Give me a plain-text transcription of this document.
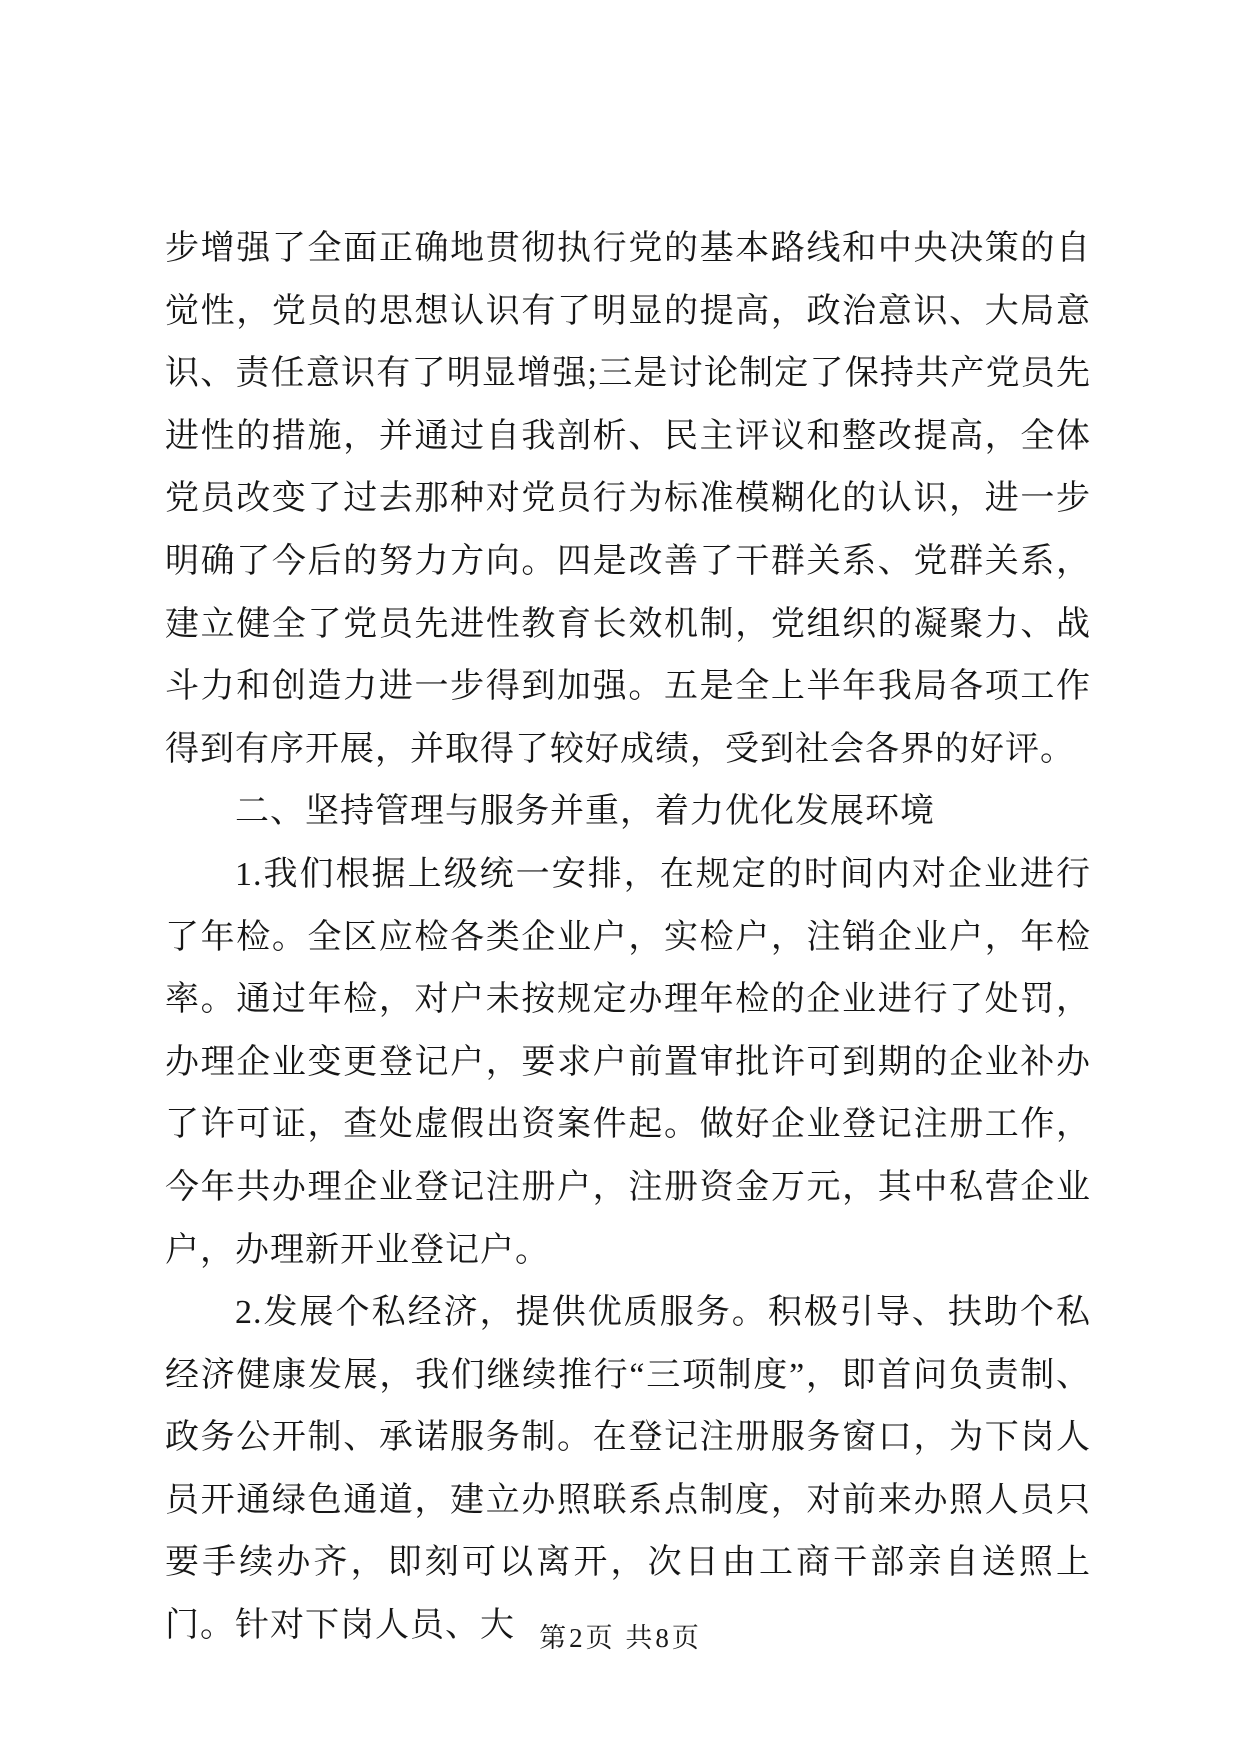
步增强了全面正确地贯彻执行党的基本路线和中央决策的自觉性，党员的思想认识有了明显的提高，政治意识、大局意识、责任意识有了明显增强;三是讨论制定了保持共产党员先进性的措施，并通过自我剖析、民主评议和整改提高，全体党员改变了过去那种对党员行为标准模糊化的认识，进一步明确了今后的努力方向。四是改善了干群关系、党群关系，建立健全了党员先进性教育长效机制，党组织的凝聚力、战斗力和创造力进一步得到加强。五是全上半年我局各项工作得到有序开展，并取得了较好成绩，受到社会各界的好评。

二、坚持管理与服务并重，着力优化发展环境

1.我们根据上级统一安排，在规定的时间内对企业进行了年检。全区应检各类企业户，实检户，注销企业户，年检率。通过年检，对户未按规定办理年检的企业进行了处罚，办理企业变更登记户，要求户前置审批许可到期的企业补办了许可证，查处虚假出资案件起。做好企业登记注册工作，今年共办理企业登记注册户，注册资金万元，其中私营企业户，办理新开业登记户。

2.发展个私经济，提供优质服务。积极引导、扶助个私经济健康发展，我们继续推行“三项制度”，即首问负责制、政务公开制、承诺服务制。在登记注册服务窗口，为下岗人员开通绿色通道，建立办照联系点制度，对前来办照人员只要手续办齐，即刻可以离开，次日由工商干部亲自送照上门。针对下岗人员、大 第2页 共8页
